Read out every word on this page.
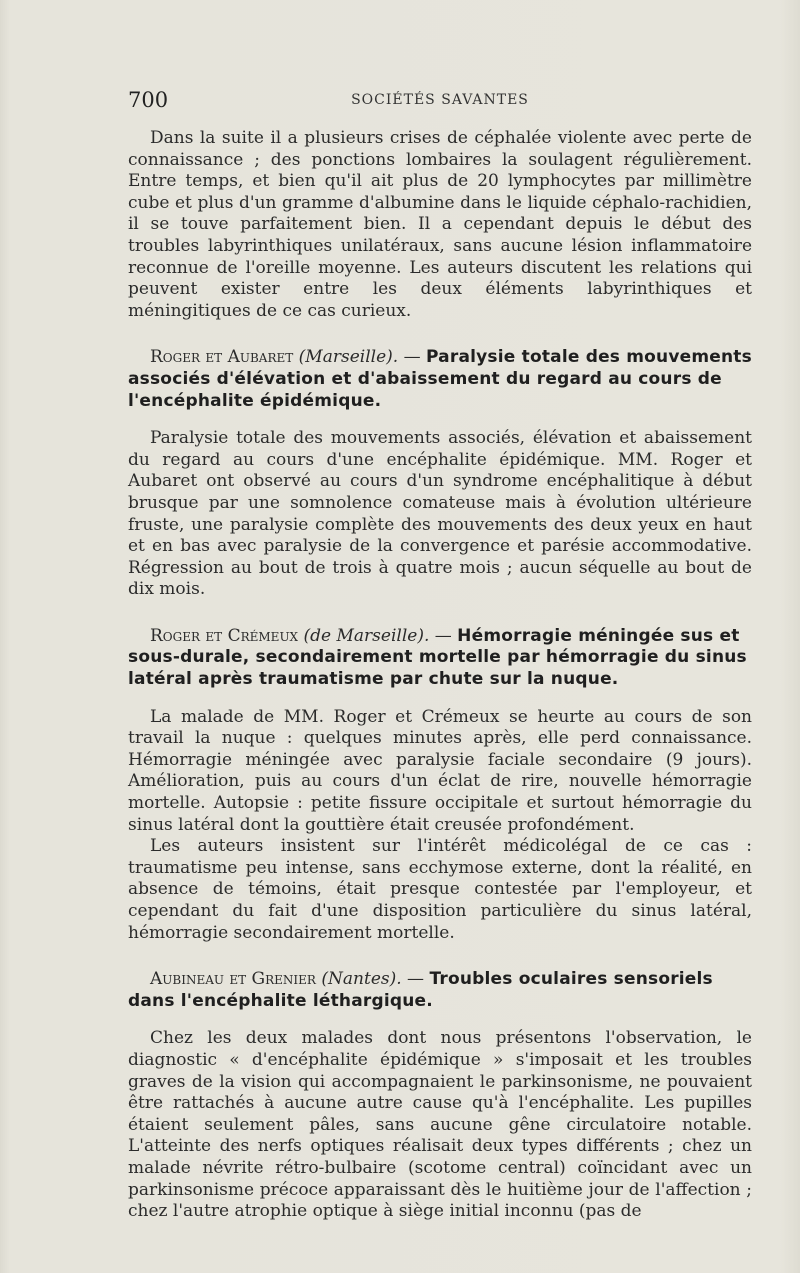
700	SOCIÉTÉS SAVANTES

Dans la suite il a plusieurs crises de céphalée violente avec perte de connaissance ; des ponctions lombaires la soulagent régulièrement. Entre temps, et bien qu'il ait plus de 20 lymphocytes par millimètre cube et plus d'un gramme d'albumine dans le liquide céphalo-rachidien, il se touve parfaitement bien. Il a cependant depuis le début des troubles labyrinthiques unilatéraux, sans aucune lésion inflammatoire reconnue de l'oreille moyenne. Les auteurs discutent les relations qui peuvent exister entre les deux éléments labyrinthiques et méningitiques de ce cas curieux.

Roger et Aubaret (Marseille). — Paralysie totale des mouvements associés d'élévation et d'abaissement du regard au cours de l'encéphalite épidémique.

Paralysie totale des mouvements associés, élévation et abaissement du regard au cours d'une encéphalite épidémique. MM. Roger et Aubaret ont observé au cours d'un syndrome encéphalitique à début brusque par une somnolence comateuse mais à évolution ultérieure fruste, une paralysie complète des mouvements des deux yeux en haut et en bas avec paralysie de la convergence et parésie accommodative. Régression au bout de trois à quatre mois ; aucun séquelle au bout de dix mois.

Roger et Crémeux (de Marseille). — Hémorragie méningée sus et sous-durale, secondairement mortelle par hémorragie du sinus latéral après traumatisme par chute sur la nuque.

La malade de MM. Roger et Crémeux se heurte au cours de son travail la nuque : quelques minutes après, elle perd connaissance. Hémorragie méningée avec paralysie faciale secondaire (9 jours). Amélioration, puis au cours d'un éclat de rire, nouvelle hémorragie mortelle. Autopsie : petite fissure occipitale et surtout hémorragie du sinus latéral dont la gouttière était creusée profondément.

Les auteurs insistent sur l'intérêt médicolégal de ce cas : traumatisme peu intense, sans ecchymose externe, dont la réalité, en absence de témoins, était presque contestée par l'employeur, et cependant du fait d'une disposition particulière du sinus latéral, hémorragie secondairement mortelle.

Aubineau et Grenier (Nantes). — Troubles oculaires sensoriels dans l'encéphalite léthargique.

Chez les deux malades dont nous présentons l'observation, le diagnostic « d'encéphalite épidémique » s'imposait et les troubles graves de la vision qui accompagnaient le parkinsonisme, ne pouvaient être rattachés à aucune autre cause qu'à l'encéphalite. Les pupilles étaient seulement pâles, sans aucune gêne circulatoire notable. L'atteinte des nerfs optiques réalisait deux types différents ; chez un malade névrite rétro-bulbaire (scotome central) coïncidant avec un parkinsonisme précoce apparaissant dès le huitième jour de l'affection ; chez l'autre atrophie optique à siège initial inconnu (pas de
